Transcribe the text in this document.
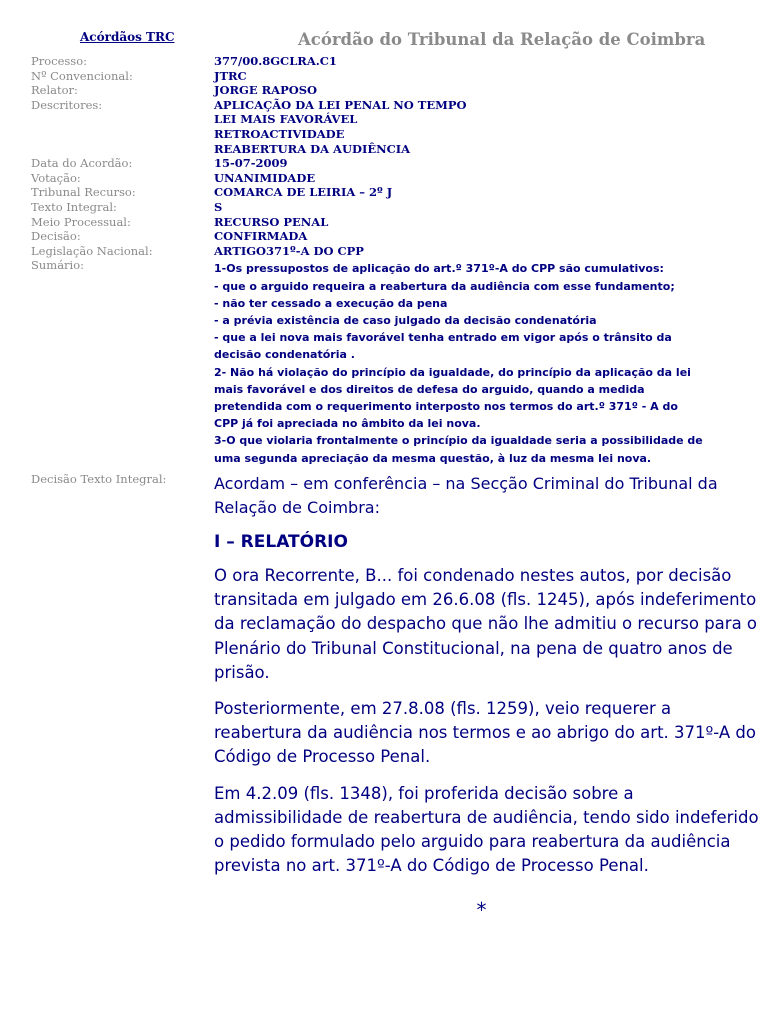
Acórdãos TRC	Acórdão do Tribunal da Relação de Coimbra
Processo:	377/00.8GCLRA.C1
Nº Convencional:	JTRC
Relator:	JORGE RAPOSO
Descritores:	APLICAÇÃO DA LEI PENAL NO TEMPO
LEI MAIS FAVORÁVEL
RETROACTIVIDADE
REABERTURA DA AUDIÊNCIA
Data do Acordão:	15-07-2009
Votação:	UNANIMIDADE
Tribunal Recurso:	COMARCA DE LEIRIA – 2º J
Texto Integral:	S
Meio Processual:	RECURSO PENAL
Decisão:	CONFIRMADA
Legislação Nacional:	ARTIGO371º-A DO CPP
Sumário:	1-Os pressupostos de aplicação do art.º 371º-A do CPP são cumulativos:
- que o arguido requeira a reabertura da audiência com esse fundamento;
- não ter cessado a execução da pena
- a prévia existência de caso julgado da decisão condenatória
- que a lei nova mais favorável tenha entrado em vigor após o trânsito da
decisão condenatória .
2- Não há violação do princípio da igualdade, do princípio da aplicação da lei
mais favorável e dos direitos de defesa do arguido, quando a medida
pretendida com o requerimento interposto nos termos do art.º 371º - A do
CPP já foi apreciada no âmbito da lei nova.
3-O que violaria frontalmente o princípio da igualdade seria a possibilidade de
uma segunda apreciação da mesma questão, à luz da mesma lei nova.
Decisão Texto Integral:	Acordam – em conferência – na Secção Criminal do Tribunal da Relação de Coimbra:

I – RELATÓRIO

O ora Recorrente, B... foi condenado nestes autos, por decisão transitada em julgado em 26.6.08 (fls. 1245), após indeferimento da reclamação do despacho que não lhe admitiu o recurso para o Plenário do Tribunal Constitucional, na pena de quatro anos de prisão.

Posteriormente, em 27.8.08 (fls. 1259), veio requerer a reabertura da audiência nos termos e ao abrigo do art. 371º-A do Código de Processo Penal.

Em 4.2.09 (fls. 1348), foi proferida decisão sobre a admissibilidade de reabertura de audiência, tendo sido indeferido o pedido formulado pelo arguido para reabertura da audiência prevista no art. 371º-A do Código de Processo Penal.

*
